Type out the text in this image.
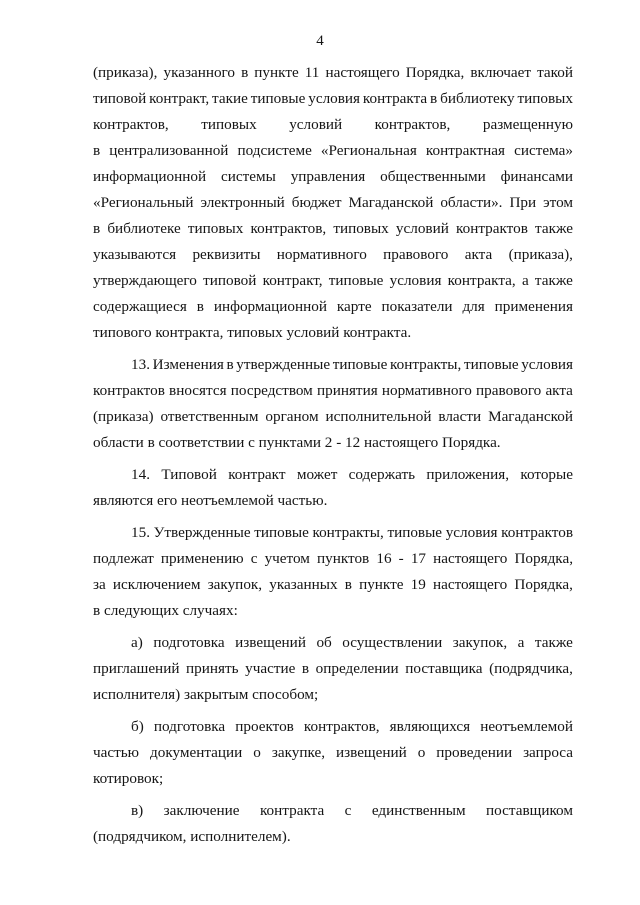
4
(приказа), указанного в пункте 11 настоящего Порядка, включает такой
типовой контракт, такие типовые условия контракта в библиотеку типовых
контрактов, типовых условий контрактов, размещенную
в централизованной подсистеме «Региональная контрактная система»
информационной системы управления общественными финансами
«Региональный электронный бюджет Магаданской области». При этом
в библиотеке типовых контрактов, типовых условий контрактов также
указываются реквизиты нормативного правового акта (приказа),
утверждающего типовой контракт, типовые условия контракта, а также
содержащиеся в информационной карте показатели для применения
типового контракта, типовых условий контракта.
13. Изменения в утвержденные типовые контракты, типовые условия
контрактов вносятся посредством принятия нормативного правового акта
(приказа) ответственным органом исполнительной власти Магаданской
области в соответствии с пунктами 2 - 12 настоящего Порядка.
14. Типовой контракт может содержать приложения, которые
являются его неотъемлемой частью.
15. Утвержденные типовые контракты, типовые условия контрактов
подлежат применению с учетом пунктов 16 - 17 настоящего Порядка,
за исключением закупок, указанных в пункте 19 настоящего Порядка,
в следующих случаях:
а) подготовка извещений об осуществлении закупок, а также
приглашений принять участие в определении поставщика (подрядчика,
исполнителя) закрытым способом;
б) подготовка проектов контрактов, являющихся неотъемлемой
частью документации о закупке, извещений о проведении запроса
котировок;
в) заключение контракта с единственным поставщиком
(подрядчиком, исполнителем).
